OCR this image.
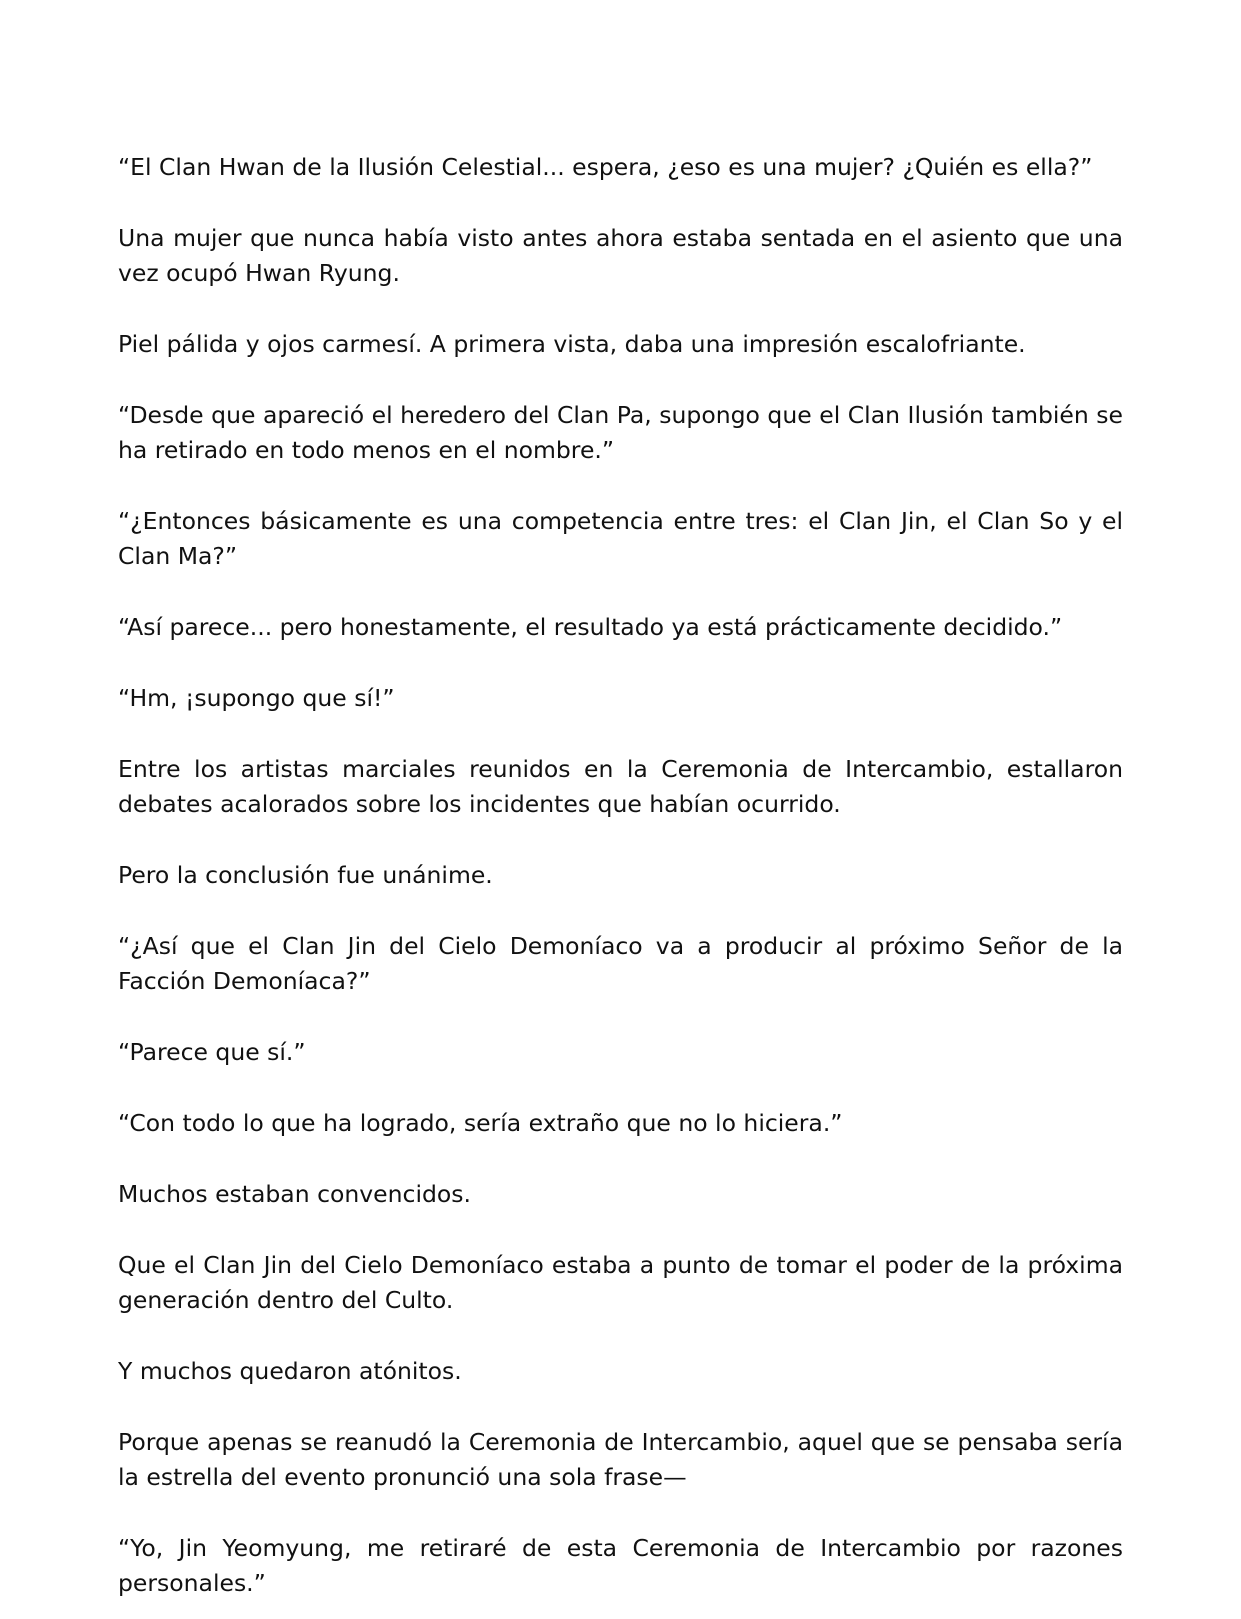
“El Clan Hwan de la Ilusión Celestial... espera, ¿eso es una mujer? ¿Quién es ella?”

Una mujer que nunca había visto antes ahora estaba sentada en el asiento que una vez ocupó Hwan Ryung.

Piel pálida y ojos carmesí. A primera vista, daba una impresión escalofriante.

“Desde que apareció el heredero del Clan Pa, supongo que el Clan Ilusión también se ha retirado en todo menos en el nombre.”

“¿Entonces básicamente es una competencia entre tres: el Clan Jin, el Clan So y el Clan Ma?”

“Así parece... pero honestamente, el resultado ya está prácticamente decidido.”

“Hm, ¡supongo que sí!”

Entre los artistas marciales reunidos en la Ceremonia de Intercambio, estallaron debates acalorados sobre los incidentes que habían ocurrido.

Pero la conclusión fue unánime.

“¿Así que el Clan Jin del Cielo Demoníaco va a producir al próximo Señor de la Facción Demoníaca?”

“Parece que sí.”

“Con todo lo que ha logrado, sería extraño que no lo hiciera.”

Muchos estaban convencidos.

Que el Clan Jin del Cielo Demoníaco estaba a punto de tomar el poder de la próxima generación dentro del Culto.

Y muchos quedaron atónitos.

Porque apenas se reanudó la Ceremonia de Intercambio, aquel que se pensaba sería la estrella del evento pronunció una sola frase—

“Yo, Jin Yeomyung, me retiraré de esta Ceremonia de Intercambio por razones personales.”
